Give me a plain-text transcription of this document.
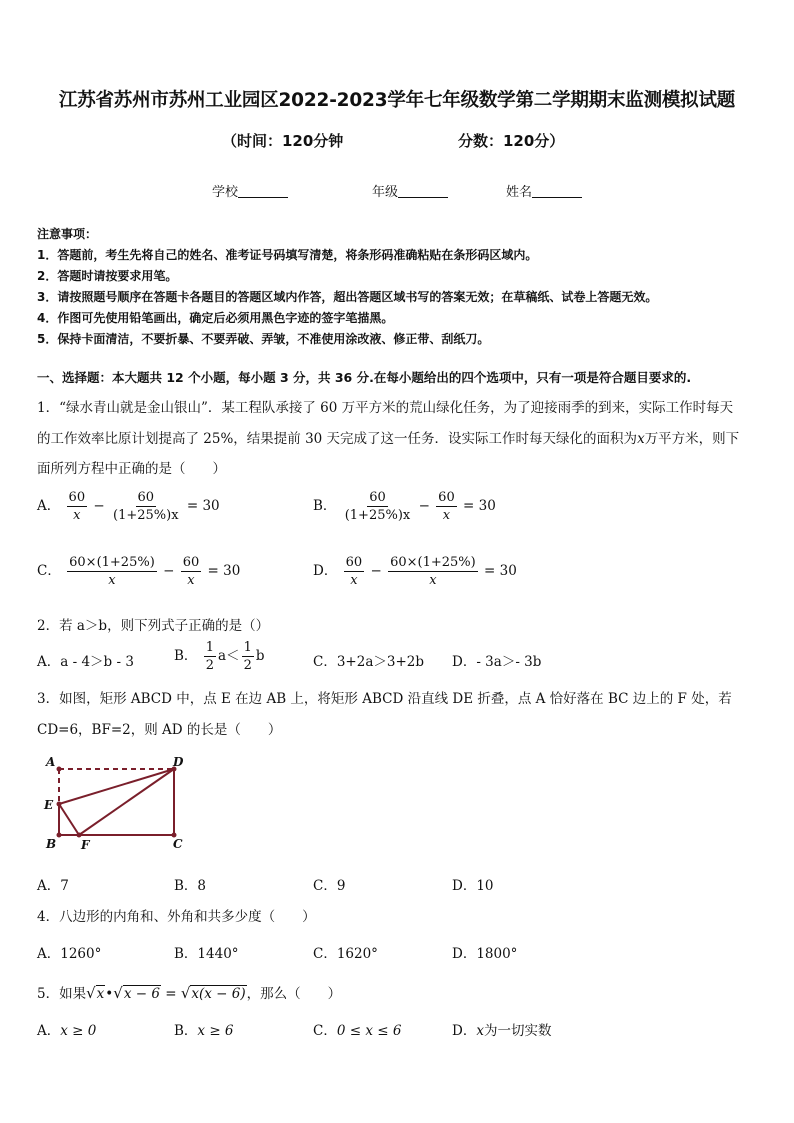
江苏省苏州市苏州工业园区2022-2023学年七年级数学第二学期期末监测模拟试题
（时间：120分钟	分数：120分）
学校	年级	姓名
注意事项：
1．答题前，考生先将自己的姓名、准考证号码填写清楚，将条形码准确粘贴在条形码区域内。
2．答题时请按要求用笔。
3．请按照题号顺序在答题卡各题目的答题区域内作答，超出答题区域书写的答案无效；在草稿纸、试卷上答题无效。
4．作图可先使用铅笔画出，确定后必须用黑色字迹的签字笔描黑。
5．保持卡面清洁，不要折暴、不要弄破、弄皱，不准使用涂改液、修正带、刮纸刀。
一、选择题：本大题共 12 个小题，每小题 3 分，共 36 分.在每小题给出的四个选项中，只有一项是符合题目要求的.
1．“绿水青山就是金山银山”．某工程队承接了 60 万平方米的荒山绿化任务，为了迎接雨季的到来，实际工作时每天
的工作效率比原计划提高了 25%，结果提前 30 天完成了这一任务．设实际工作时每天绿化的面积为x万平方米，则下
面所列方程中正确的是（　　）
A． $\frac{60}{x} - \frac{60}{(1+25\%)x} = 30$	B． $\frac{60}{(1+25\%)x} - \frac{60}{x} = 30$
C． $\frac{60\times(1+25\%)}{x} - \frac{60}{x} = 30$	D． $\frac{60}{x} - \frac{60\times(1+25\%)}{x} = 30$
2．若 a＞b，则下列式子正确的是（）
A．a - 4＞b - 3	B． $\frac{1}{2} a< \frac{1}{2}$ b	C．3+2a＞3+2b D．- 3a＞- 3b
3．如图，矩形 ABCD 中，点 E 在边 AB 上，将矩形 ABCD 沿直线 DE 折叠，点 A 恰好落在 BC 边上的 F 处，若
CD=6，BF=2，则 AD 的长是（　　）
A	D
E
B F	C
A．7	B．8	C．9	D．10
4．八边形的内角和、外角和共多少度（　　）
A．1260°	B．1440°	C．1620°	D．1800°
5．如果√x•√x − 6 = √x(x − 6)，那么（　　）
A．x ≥ 0	B．x ≥ 6	C．0 ≤ x ≤ 6	D．x为一切实数
